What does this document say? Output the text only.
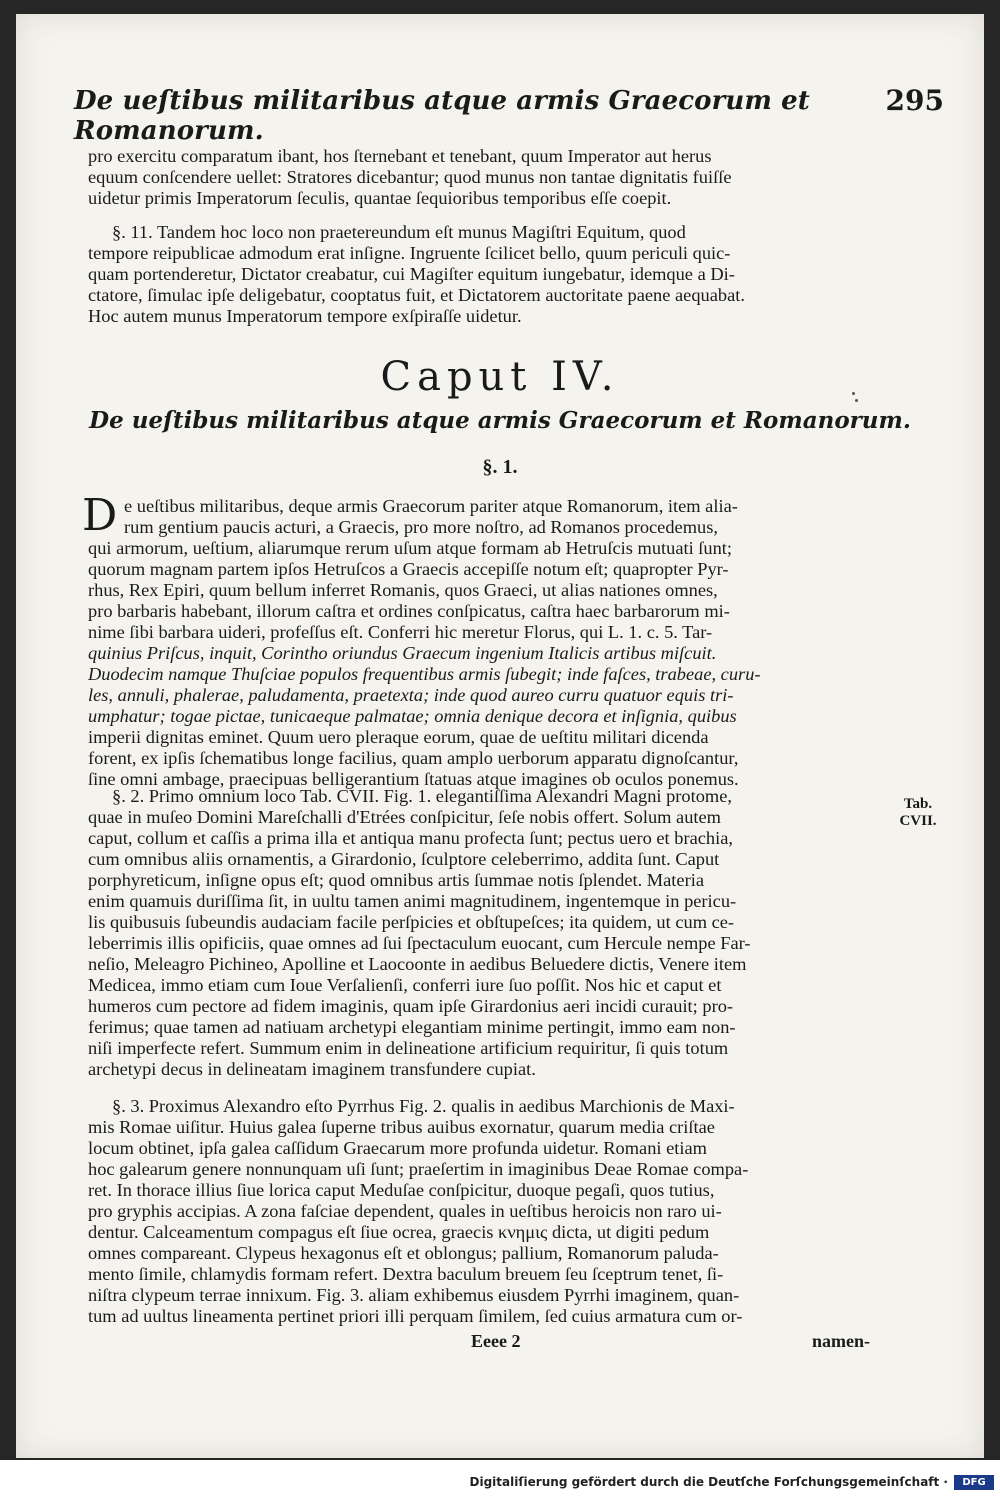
De ueſtibus militaribus atque armis Graecorum et Romanorum.
295
pro exercitu comparatum ibant, hos ſternebant et tenebant, quum Imperator aut herus
equum conſcendere uellet: Stratores dicebantur; quod munus non tantae dignitatis fuiſſe
uidetur primis Imperatorum ſeculis, quantae ſequioribus temporibus eſſe coepit.
§. 11. Tandem hoc loco non praetereundum eſt munus Magiſtri Equitum, quod
tempore reipublicae admodum erat inſigne. Ingruente ſcilicet bello, quum periculi quic-
quam portenderetur, Dictator creabatur, cui Magiſter equitum iungebatur, idemque a Di-
ctatore, ſimulac ipſe deligebatur, cooptatus fuit, et Dictatorem auctoritate paene aequabat.
Hoc autem munus Imperatorum tempore exſpiraſſe uidetur.
Caput IV.
De ueſtibus militaribus atque armis Graecorum et Romanorum.
§. 1.
D e ueſtibus militaribus, deque armis Graecorum pariter atque Romanorum, item alia-
rum gentium paucis acturi, a Graecis, pro more noſtro, ad Romanos procedemus,
qui armorum, ueſtium, aliarumque rerum uſum atque formam ab Hetruſcis mutuati ſunt;
quorum magnam partem ipſos Hetruſcos a Graecis accepiſſe notum eſt; quapropter Pyr-
rhus, Rex Epiri, quum bellum inferret Romanis, quos Graeci, ut alias nationes omnes,
pro barbaris habebant, illorum caſtra et ordines conſpicatus, caſtra haec barbarorum mi-
nime ſibi barbara uideri, profeſſus eſt. Conferri hic meretur Florus, qui L. 1. c. 5. Tar-
quinius Priſcus, inquit, Corintho oriundus Graecum ingenium Italicis artibus miſcuit.
Duodecim namque Thuſciae populos frequentibus armis ſubegit; inde faſces, trabeae, curu-
les, annuli, phalerae, paludamenta, praetexta; inde quod aureo curru quatuor equis tri-
umphatur; togae pictae, tunicaeque palmatae; omnia denique decora et inſignia, quibus
imperii dignitas eminet. Quum uero pleraque eorum, quae de ueſtitu militari dicenda
forent, ex ipſis ſchematibus longe facilius, quam amplo uerborum apparatu dignoſcantur,
ſine omni ambage, praecipuas belligerantium ſtatuas atque imagines ob oculos ponemus.
§. 2. Primo omnium loco Tab. CVII. Fig. 1. elegantiſſima Alexandri Magni protome,
quae in muſeo Domini Mareſchalli d'Etrées conſpicitur, ſeſe nobis offert. Solum autem
caput, collum et caſſis a prima illa et antiqua manu profecta ſunt; pectus uero et brachia,
cum omnibus aliis ornamentis, a Girardonio, ſculptore celeberrimo, addita ſunt. Caput
porphyreticum, inſigne opus eſt; quod omnibus artis ſummae notis ſplendet. Materia
enim quamuis duriſſima ſit, in uultu tamen animi magnitudinem, ingentemque in pericu-
lis quibusuis ſubeundis audaciam facile perſpicies et obſtupeſces; ita quidem, ut cum ce-
leberrimis illis opificiis, quae omnes ad ſui ſpectaculum euocant, cum Hercule nempe Far-
neſio, Meleagro Pichineo, Apolline et Laocoonte in aedibus Beluedere dictis, Venere item
Medicea, immo etiam cum Ioue Verſalienſi, conferri iure ſuo poſſit. Nos hic et caput et
humeros cum pectore ad fidem imaginis, quam ipſe Girardonius aeri incidi curauit; pro-
ferimus; quae tamen ad natiuam archetypi elegantiam minime pertingit, immo eam non-
niſi imperfecte refert. Summum enim in delineatione artificium requiritur, ſi quis totum
archetypi decus in delineatam imaginem transfundere cupiat.
Tab.
CVII.
§. 3. Proximus Alexandro eſto Pyrrhus Fig. 2. qualis in aedibus Marchionis de Maxi-
mis Romae uiſitur. Huius galea ſuperne tribus auibus exornatur, quarum media criſtae
locum obtinet, ipſa galea caſſidum Graecarum more profunda uidetur. Romani etiam
hoc galearum genere nonnunquam uſi ſunt; praeſertim in imaginibus Deae Romae compa-
ret. In thorace illius ſiue lorica caput Meduſae conſpicitur, duoque pegaſi, quos tutius,
pro gryphis accipias. A zona faſciae dependent, quales in ueſtibus heroicis non raro ui-
dentur. Calceamentum compagus eſt ſiue ocrea, graecis κνημις dicta, ut digiti pedum
omnes compareant. Clypeus hexagonus eſt et oblongus; pallium, Romanorum paluda-
mento ſimile, chlamydis formam refert. Dextra baculum breuem ſeu ſceptrum tenet, ſi-
niſtra clypeum terrae innixum. Fig. 3. aliam exhibemus eiusdem Pyrrhi imaginem, quan-
tum ad uultus lineamenta pertinet priori illi perquam ſimilem, ſed cuius armatura cum or-
Eeee 2	namen-
Digitaliſierung gefördert durch die Deutſche Forſchungsgemeinſchaft ·	DFG
